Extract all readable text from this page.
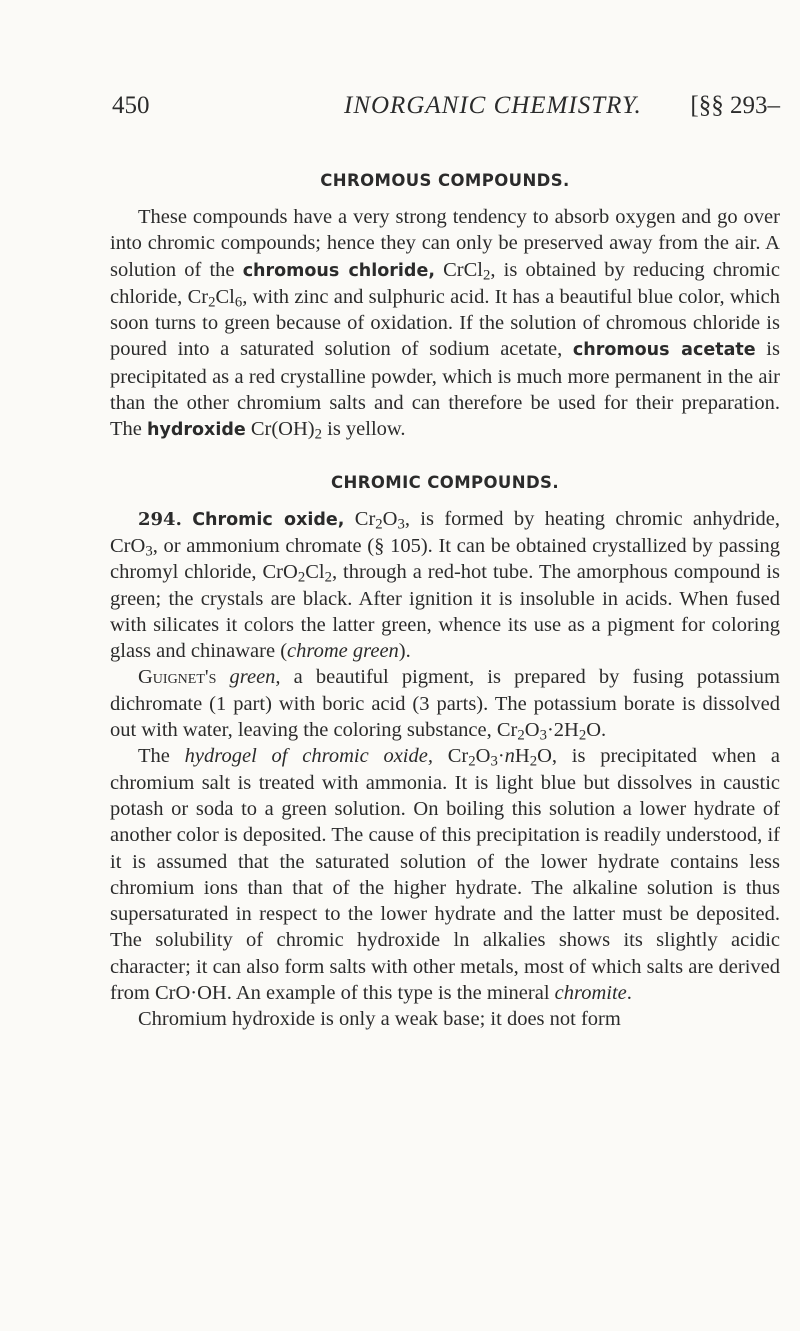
450	INORGANIC CHEMISTRY. [§§ 293–
CHROMOUS COMPOUNDS.

These compounds have a very strong tendency to absorb oxygen and go over into chromic compounds; hence they can only be preserved away from the air. A solution of the chromous chloride, CrCl$_2$, is obtained by reducing chromic chloride, $Cr_2Cl_6$, with zinc and sulphuric acid. It has a beautiful blue color, which soon turns to green because of oxidation. If the solution of chromous chloride is poured into a saturated solution of sodium acetate, chromous acetate is precipitated as a red crystalline powder, which is much more permanent in the air than the other chromium salts and can therefore be used for their preparation. The hydroxide $Cr(OH)_2$ is yellow.

CHROMIC COMPOUNDS.

294. Chromic oxide, $Cr_2O_3$, is formed by heating chromic anhydride, CrO$_3$, or ammonium chromate (§ 105). It can be obtained crystallized by passing chromyl chloride, $CrO_2Cl_2$, through a red-hot tube. The amorphous compound is green; the crystals are black. After ignition it is insoluble in acids. When fused with silicates it colors the latter green, whence its use as a pigment for coloring glass and chinaware (chrome green).

Guignet's green, a beautiful pigment, is prepared by fusing potassium dichromate (1 part) with boric acid (3 parts). The potassium borate is dissolved out with water, leaving the coloring substance, $Cr_2O_3\cdot 2H_2O$.

The hydrogel of chromic oxide, $Cr_2O_3\cdot nH_2O$, is precipitated when a chromium salt is treated with ammonia. It is light blue but dissolves in caustic potash or soda to a green solution. On boiling this solution a lower hydrate of another color is deposited. The cause of this precipitation is readily understood, if it is assumed that the saturated solution of the lower hydrate contains less chromium ions than that of the higher hydrate. The alkaline solution is thus supersaturated in respect to the lower hydrate and the latter must be deposited. The solubility of chromic hydroxide ln alkalies shows its slightly acidic character; it can also form salts with other metals, most of which salts are derived from CrO·OH. An example of this type is the mineral chromite.

Chromium hydroxide is only a weak base; it does not form
